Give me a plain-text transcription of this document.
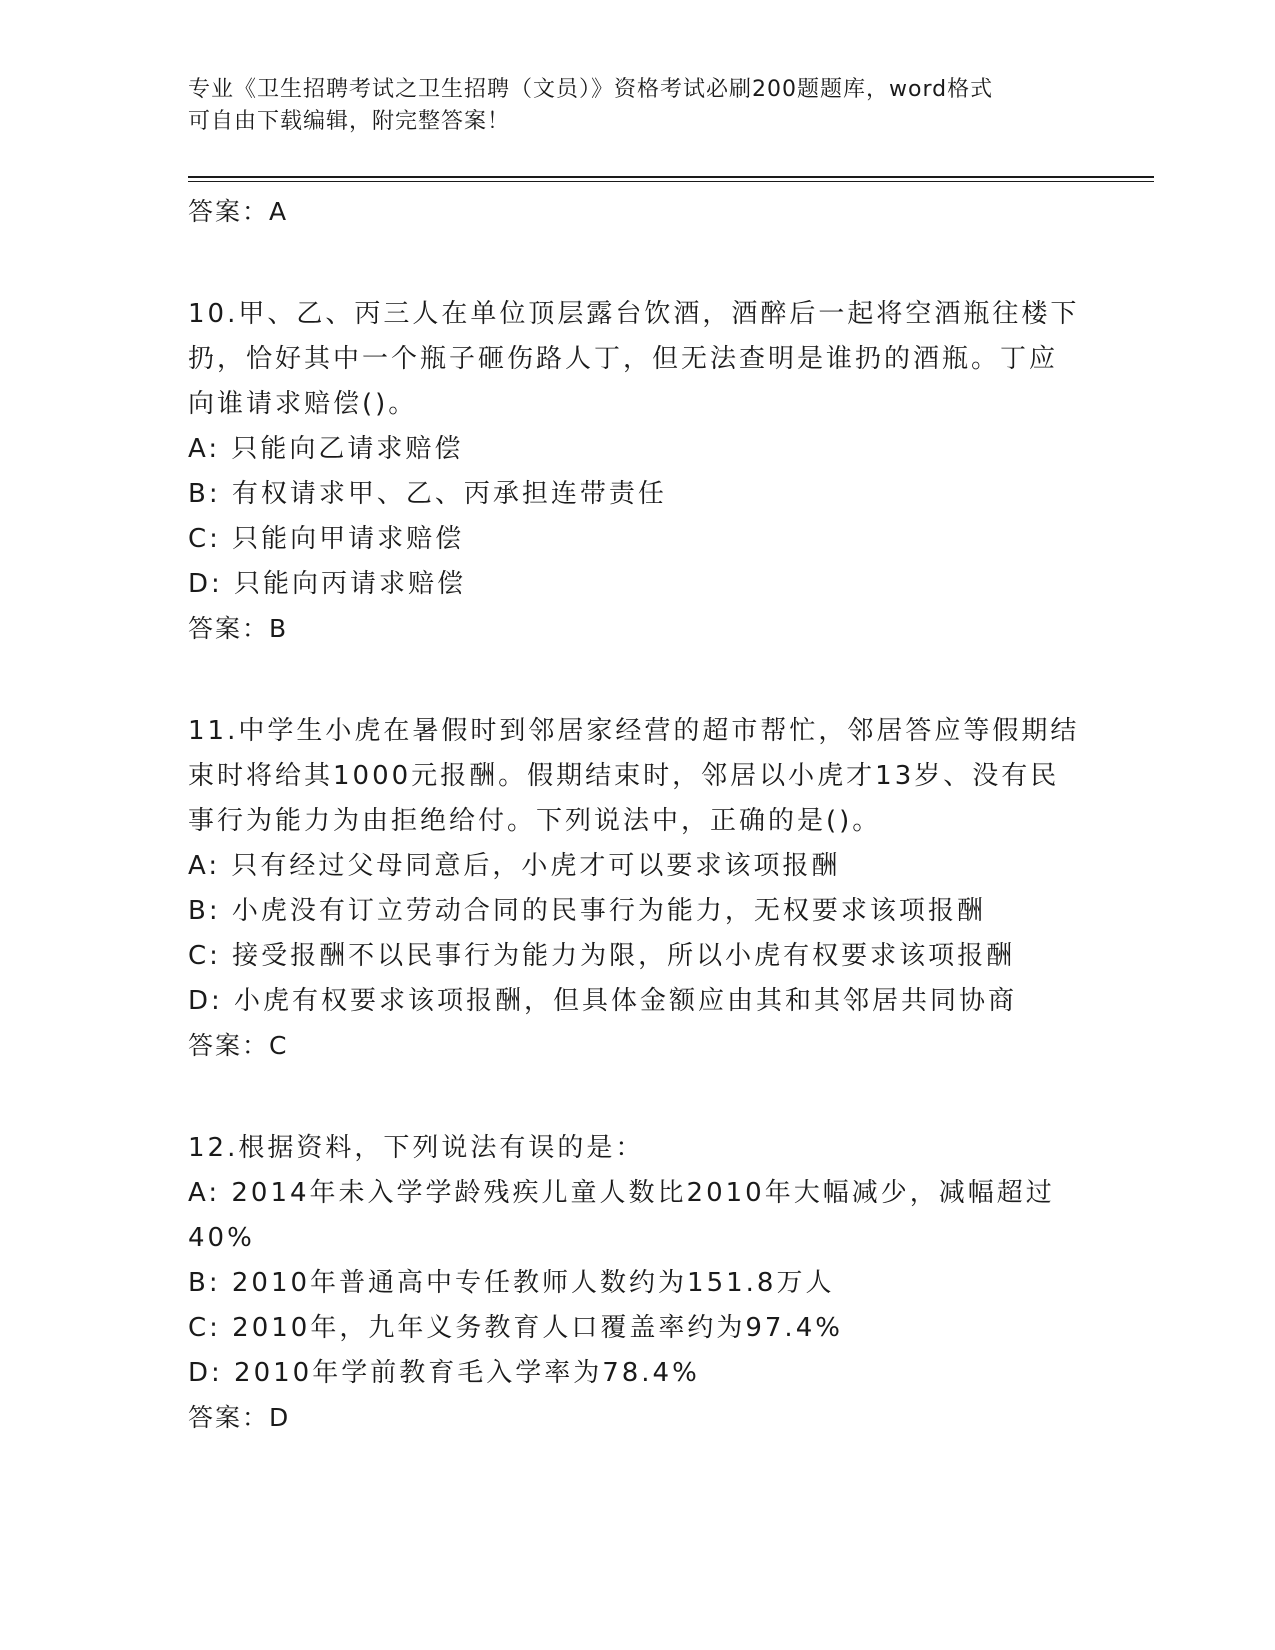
专业《卫生招聘考试之卫生招聘（文员）》资格考试必刷200题题库，word格式
可自由下载编辑，附完整答案！
答案：A
10.甲、乙、丙三人在单位顶层露台饮酒，酒醉后一起将空酒瓶往楼下
扔，恰好其中一个瓶子砸伤路人丁，但无法查明是谁扔的酒瓶。丁应
向谁请求赔偿()。
A: 只能向乙请求赔偿
B: 有权请求甲、乙、丙承担连带责任
C: 只能向甲请求赔偿
D: 只能向丙请求赔偿
答案：B
11.中学生小虎在暑假时到邻居家经营的超市帮忙，邻居答应等假期结
束时将给其1000元报酬。假期结束时，邻居以小虎才13岁、没有民
事行为能力为由拒绝给付。下列说法中，正确的是()。
A: 只有经过父母同意后，小虎才可以要求该项报酬
B: 小虎没有订立劳动合同的民事行为能力，无权要求该项报酬
C: 接受报酬不以民事行为能力为限，所以小虎有权要求该项报酬
D: 小虎有权要求该项报酬，但具体金额应由其和其邻居共同协商
答案：C
12.根据资料，下列说法有误的是：
A: 2014年未入学学龄残疾儿童人数比2010年大幅减少，减幅超过
40%
B: 2010年普通高中专任教师人数约为151.8万人
C: 2010年，九年义务教育人口覆盖率约为97.4%
D: 2010年学前教育毛入学率为78.4%
答案：D
